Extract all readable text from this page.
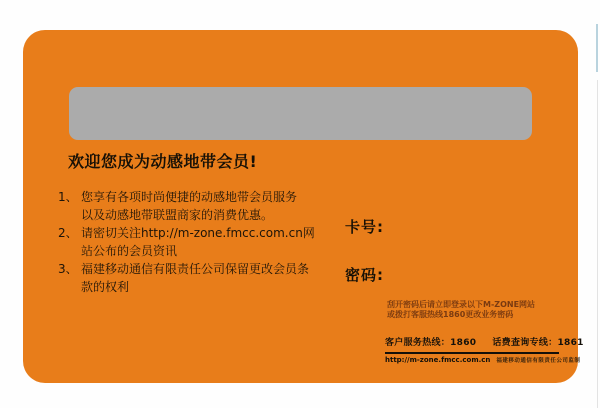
欢迎您成为动感地带会员!
1、 您享有各项时尚便捷的动感地带会员服务
以及动感地带联盟商家的消费优惠。
2、 请密切关注http://m-zone.fmcc.com.cn网
站公布的会员资讯
3、 福建移动通信有限责任公司保留更改会员条
款的权利
卡号:
密码:
刮开密码后请立即登录以下M-ZONE网站
或拨打客服热线1860更改业务密码
客户服务热线：1860 话费查询专线：1861
http://m-zone.fmcc.com.cn 福建移动通信有限责任公司监制
